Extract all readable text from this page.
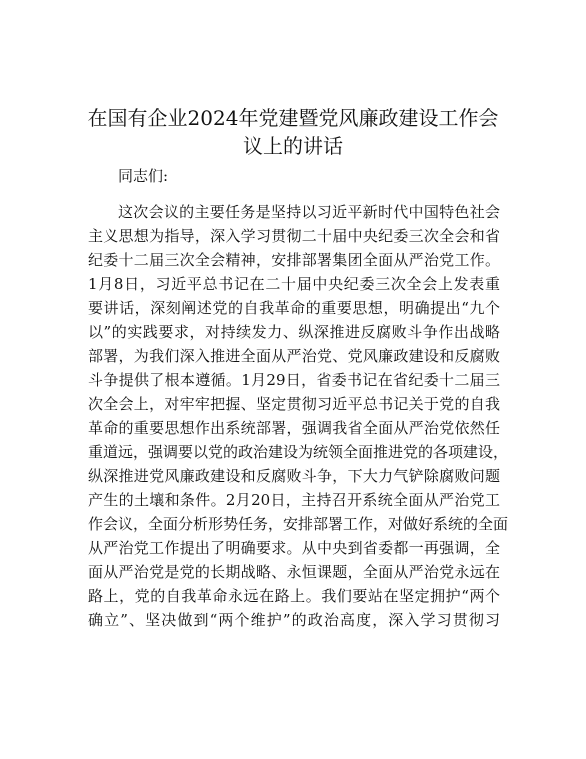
在国有企业2024年党建暨党风廉政建设工作会
议上的讲话
同志们:
这次会议的主要任务是坚持以习近平新时代中国特色社会
主义思想为指导，深入学习贯彻二十届中央纪委三次全会和省
纪委十二届三次全会精神，安排部署集团全面从严治党工作。
1月8日，习近平总书记在二十届中央纪委三次全会上发表重
要讲话，深刻阐述党的自我革命的重要思想，明确提出“九个
以”的实践要求，对持续发力、纵深推进反腐败斗争作出战略
部署，为我们深入推进全面从严治党、党风廉政建设和反腐败
斗争提供了根本遵循。1月29日，省委书记在省纪委十二届三
次全会上，对牢牢把握、坚定贯彻习近平总书记关于党的自我
革命的重要思想作出系统部署，强调我省全面从严治党依然任
重道远，强调要以党的政治建设为统领全面推进党的各项建设，
纵深推进党风廉政建设和反腐败斗争，下大力气铲除腐败问题
产生的土壤和条件。2月20日，主持召开系统全面从严治党工
作会议，全面分析形势任务，安排部署工作，对做好系统的全面
从严治党工作提出了明确要求。从中央到省委都一再强调，全
面从严治党是党的长期战略、永恒课题，全面从严治党永远在
路上，党的自我革命永远在路上。我们要站在坚定拥护“两个
确立”、坚决做到“两个维护”的政治高度，深入学习贯彻习
